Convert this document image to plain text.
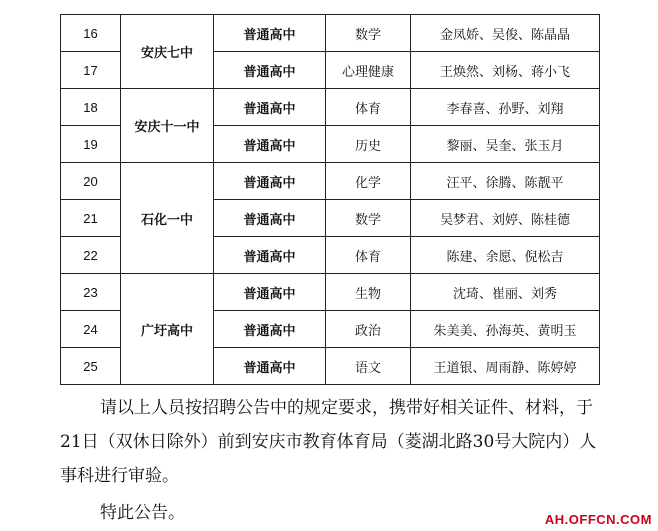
16	安庆七中	普通高中	数学	金凤娇、吴俊、陈晶晶
17		普通高中	心理健康	王焕然、刘杨、蒋小飞
18	安庆十一中	普通高中	体育	李春喜、孙野、刘翔
19		普通高中	历史	黎丽、吴奎、张玉月
20	石化一中	普通高中	化学	汪平、徐腾、陈靓平
21		普通高中	数学	吴梦君、刘婷、陈桂德
22		普通高中	体育	陈建、余愿、倪松吉
23	广圩高中	普通高中	生物	沈琦、崔丽、刘秀
24		普通高中	政治	朱美美、孙海英、黄明玉
25		普通高中	语文	王道银、周雨静、陈婷婷
请以上人员按招聘公告中的规定要求，携带好相关证件、材料，于21日（双休日除外）前到安庆市教育体育局（菱湖北路30号大院内）人事科进行审验。
特此公告。	AH.OFFCN.COM
